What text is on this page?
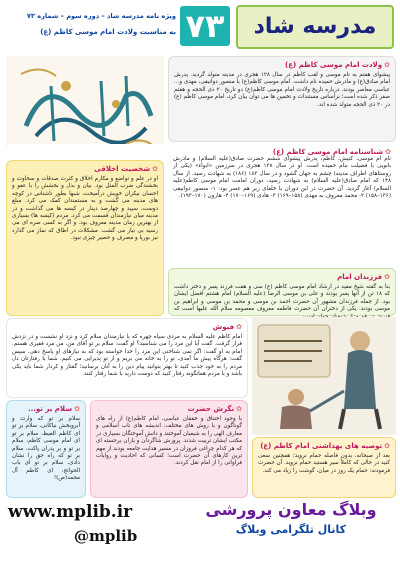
مدرسه شاد
۷۳
ویژه نامه مدرسه شاد – دوره سوم – شماره ۷۳
به مناسبت ولادت امام موسی کاظم (ع)
✿ولادت امام موسی کاظم (ع)

پیشوای هفتم به نام موسی و لقب کاظم در سال ۱۲۸ هجری در مدینه متولد گردید. پدرش امام صادق(ع) و مادرش حمیده نام داشت. امام موسی کاظم(ع) با منصور دوانیقی، مهدی و... عباسی معاصر بودند. درباره تاریخ ولادت امام موسی کاظم(ع) دو تاریخ ۲۰ ذی الحجه و هفتم صفر ذکر شده است؛ براساس مستندات و تخمین ها می توان بیان کرد، امام موسی کاظم (ع) در ۲۰ ذی الحجه متولد شده اند.

✿شناسنامه امام موسی کاظم (ع)

نام ام موسی، کنیش، کاظم، پدرش پیشوای ششم حضرت صادق(علیه السلام) و مادرش بانویی با فضیلت بنام حمیده است. او در سال ۱۲۸ هجری در سرزمین «ابواء» (یکی از روستاهای اطراف مدینه) چشم به جهان گشود و در سال ۱۸۳ (۱۸۶) به شهادت رسید. از سال ۱۴۸ که امام صادق(علیه السلام) به شهادت رسید، دوران امامت امام موسی کاظم(علیه السلام) آغاز گردید. آن حضرت در این دوران با خلفای زیر هم عصر بود: ۱- منصور دوانیقی (۱۳۶–۱۵۸) ۲- محمد معروف به مهدی (۱۵۸–۱۶۹) ۳- هادی (۱۶۹–۱۷۰) ۴- هارون (۱۷۰–۱۹۳).

✿شخصیت اخلاقی

او در علم و تواضع و مکارم اخلاق و کثرت صدقات و سخاوت و بخشندگی ضرب المثل بود. بیان و بذل و بخشش را با عفو و احسان بیکران خویش درآمیخت، شبها بطور ناشناس در کوچه های مدینه می گشت و به مستمندان کمک می کرد. مبلغ دوست، سپید و چهارصد دینار در کیسه ها می گذاشت و در مدینه میان نیازمندان قسمت می کرد. مردم (کیسه ها) بسیاری از بهترین زمان مدینه معروف بود. و اگر به کسی صره ای می رسید بی نیاز می گشت. مشکلات در اطاق که نماز می گذارد نیز بوریا و مصرف و حصیر چیزی نبود.

✿فرزندان امام

بنا به گفته شیخ مفید در ارشاد امام موسی کاظم (ع) سی و هفت فرزند پسر و دختر داشت که ۱۸ تن از آنها پسر بودند و علی بن موسی الرضا (علیه السلام) امام هشتم افضل ایشان بود. از جمله فرزندان مشهور آن حضرت احمد بن موسی و محمد بن موسی و ابراهیم بن موسی بودند. یکی از دختران آن حضرت فاطمه معروف معصومه سلام الله علیها است که

✿فیوش

امام کاظم علیه السلام به مردی سیاه چهره که با نیازمندان سلام کرد و نزد او نشست و در نزدش قرار گرفت. گفت آیا این مرد را می شناسید؟ او گفت: سلام بر تو آقای من، من مرد فقیری هستم. امام به او گفت: اگر نمی شناختی این مرد را خدا خواسته بود که به نیازهای او پاسخ دهی. سپس گفت: هرگاه پیش ما آمدی، تو را به خانه می بریم و از تو پذیرایی می کنیم. شما با رفتارتان دل مردم را به خود جذب کنید تا بهتر بتوانید پیام دین را به آنان برسانید؛ گفتار و کردار شما باید یکی باشد و با مردم همانگونه رفتار کنید که دوست دارید با شما رفتار کنند.

✿سلام بر تو...

سلام بر تو که وارث و آبروبخش نیاکانی، سلام بر تو ای کاظم الغیظ، سلام بر تو ای امام موسی کاظم، سلام بر تو و بر پدران پاکت، سلام بر تو که راه حق را نشان دادی، سلام بر تو ای باب الحوائج، ای کاظم آل محمد(ص)!

✿نگرش حضرت

با وجود اختناق و خفقان عباسی، امام کاظم(ع) از راه های گوناگون و با روش های مختلف، اندیشه های ناب اسلامی و معارف الهی را به شیعیان آموختند و دانش آموختگان بسیاری در مکتب ایشان تربیت شدند. پرورش شاگردان و یاران برجسته ای که هر کدام چراغی فروزان در مسیر هدایت جامعه بودند از مهم ترین کارهای آن حضرت است؛ کسانی که احادیث و روایات فراوانی را از امام نقل کردند.

✿توصیه های بهداشتی امام کاظم (ع)

بعد از صبحانه، بدون فاصله حمام نروید؛ همچنین سعی کنید در حالی که کاملاً سیر هستید حمام نروید. آن حضرت فرمودند: حمام یک روز در میان، گوشت را زیاد می کند.

www.mplib.ir
@mplib
وبلاگ معاون پرورشی
کانال تلگرامی وبلاگ
